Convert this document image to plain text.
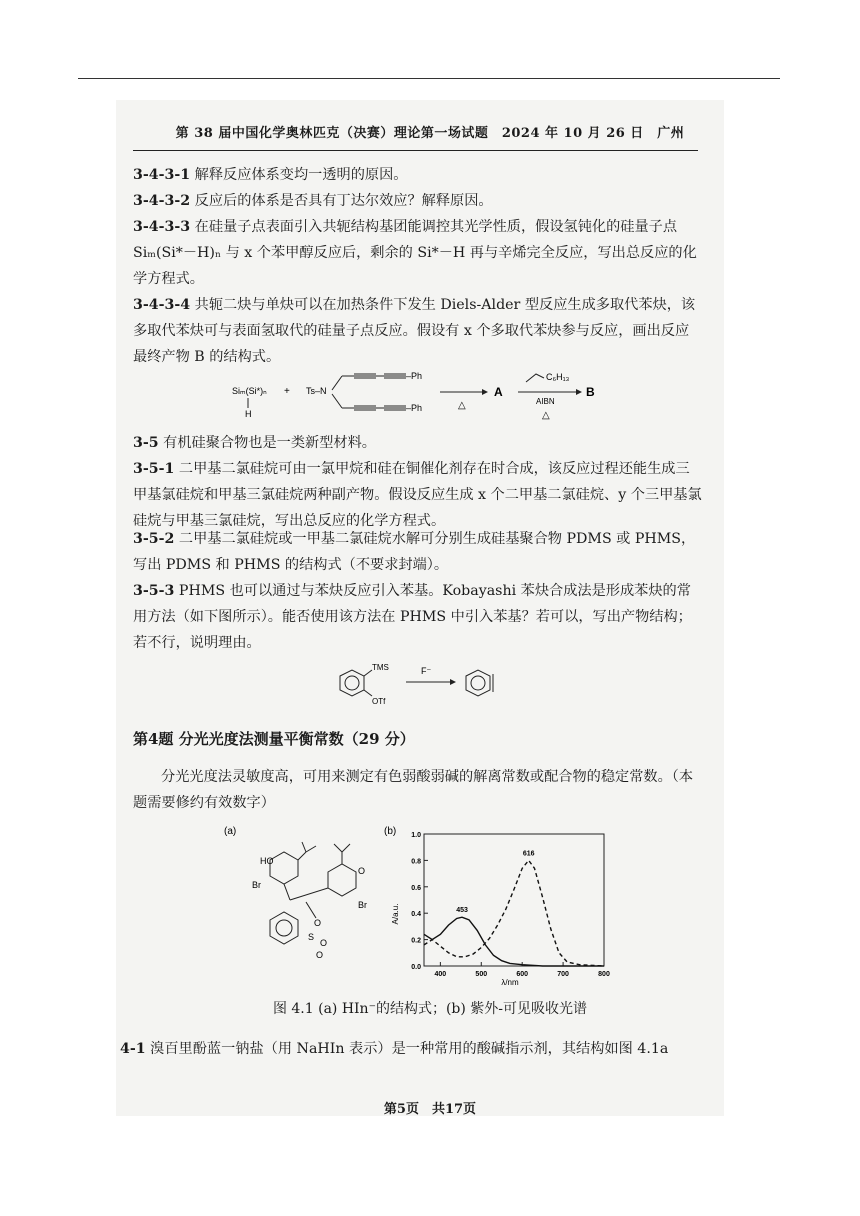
第 38 届中国化学奥林匹克（决赛）理论第一场试题　2024 年 10 月 26 日　广州

3-4-3-1 解释反应体系变均一透明的原因。

3-4-3-2 反应后的体系是否具有丁达尔效应？解释原因。

3-4-3-3 在硅量子点表面引入共轭结构基团能调控其光学性质，假设氢钝化的硅量子点 Siₘ(Si*－H)ₙ 与 x 个苯甲醇反应后，剩余的 Si*－H 再与辛烯完全反应，写出总反应的化学方程式。

3-4-3-4 共轭二炔与单炔可以在加热条件下发生 Diels-Alder 型反应生成多取代苯炔，该多取代苯炔可与表面氢取代的硅量子点反应。假设有 x 个多取代苯炔参与反应，画出反应最终产物 B 的结构式。

Siₘ(Si*)ₙ
H
+ Ts–N
–Ph
–Ph	△
A
C₆H₁₃
AIBN
△
B

3-5 有机硅聚合物也是一类新型材料。

3-5-1 二甲基二氯硅烷可由一氯甲烷和硅在铜催化剂存在时合成，该反应过程还能生成三甲基氯硅烷和甲基三氯硅烷两种副产物。假设反应生成 x 个二甲基二氯硅烷、y 个三甲基氯硅烷与甲基三氯硅烷，写出总反应的化学方程式。

3-5-2 二甲基二氯硅烷或一甲基二氯硅烷水解可分别生成硅基聚合物 PDMS 或 PHMS，写出 PDMS 和 PHMS 的结构式（不要求封端）。

3-5-3 PHMS 也可以通过与苯炔反应引入苯基。Kobayashi 苯炔合成法是形成苯炔的常用方法（如下图所示）。能否使用该方法在 PHMS 中引入苯基？若可以，写出产物结构；若不行，说明理由。

TMS
OTf
F⁻
第4题 分光光度法测量平衡常数（29 分）

分光光度法灵敏度高，可用来测定有色弱酸弱碱的解离常数或配合物的稳定常数。（本题需要修约有效数字）

(a)
HO
Br
O
Br
O
S
O
O
(b)
A/a.u.
λ/nm
0.0
0.2
0.4
0.6
0.8
1.0
400	500	600	700	800
453
616
图 4.1 (a) HIn⁻的结构式；(b) 紫外-可见吸收光谱

4-1 溴百里酚蓝一钠盐（用 NaHIn 表示）是一种常用的酸碱指示剂，其结构如图 4.1a

第5页　共17页
